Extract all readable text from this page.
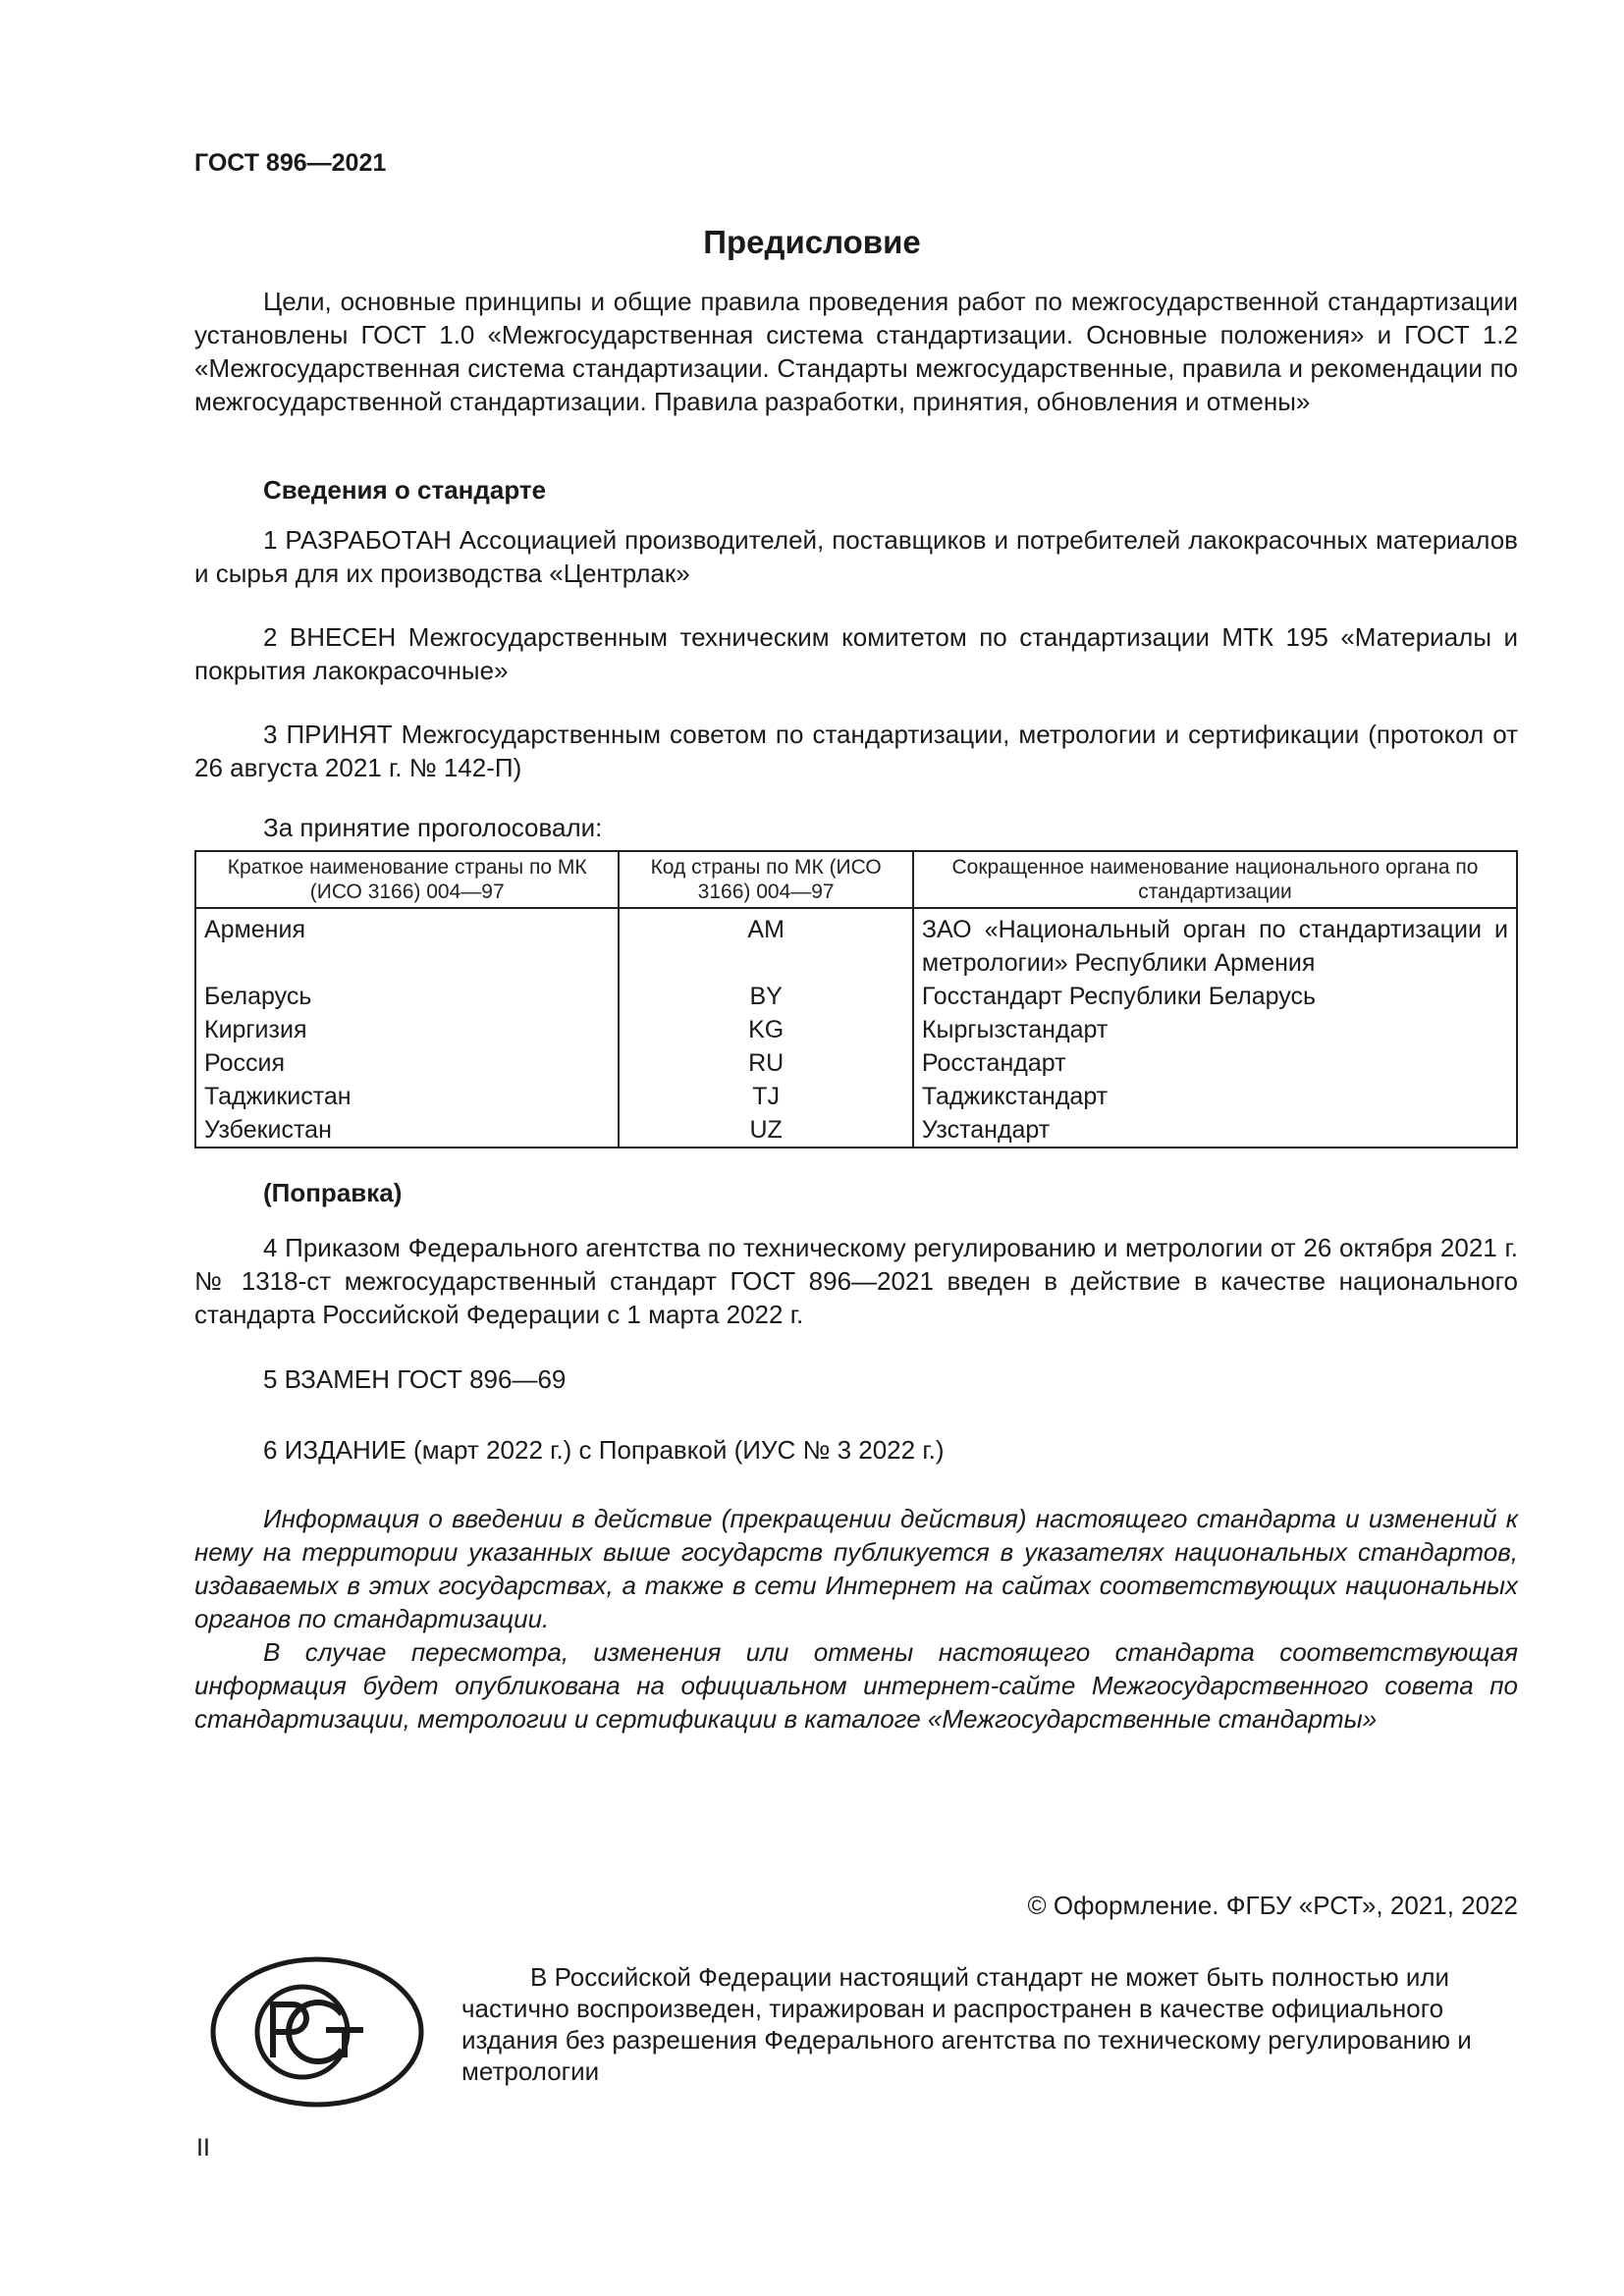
ГОСТ 896—2021
Предисловие

Цели, основные принципы и общие правила проведения работ по межгосударственной стандартизации установлены ГОСТ 1.0 «Межгосударственная система стандартизации. Основные положения» и ГОСТ 1.2 «Межгосударственная система стандартизации. Стандарты межгосударственные, правила и рекомендации по межгосударственной стандартизации. Правила разработки, принятия, обновления и отмены»

Сведения о стандарте

1 РАЗРАБОТАН Ассоциацией производителей, поставщиков и потребителей лакокрасочных материалов и сырья для их производства «Центрлак»

2 ВНЕСЕН Межгосударственным техническим комитетом по стандартизации МТК 195 «Материалы и покрытия лакокрасочные»

3 ПРИНЯТ Межгосударственным советом по стандартизации, метрологии и сертификации (протокол от 26 августа 2021 г. № 142-П)

За принятие проголосовали:
Краткое наименование страны по МК (ИСО 3166) 004—97	Код страны по МК (ИСО 3166) 004—97	Сокращенное наименование национального органа по стандартизации
Армения	AM	ЗАО «Национальный орган по стандартизации и метрологии» Республики Армения
Беларусь	BY	Госстандарт Республики Беларусь
Киргизия	KG	Кыргызстандарт
Россия	RU	Росстандарт
Таджикистан	TJ	Таджикстандарт
Узбекистан	UZ	Узстандарт
(Поправка)

4 Приказом Федерального агентства по техническому регулированию и метрологии от 26 октября 2021 г. № 1318-ст межгосударственный стандарт ГОСТ 896—2021 введен в действие в качестве национального стандарта Российской Федерации с 1 марта 2022 г.

5 ВЗАМЕН ГОСТ 896—69

6 ИЗДАНИЕ (март 2022 г.) с Поправкой (ИУС № 3 2022 г.)

Информация о введении в действие (прекращении действия) настоящего стандарта и изменений к нему на территории указанных выше государств публикуется в указателях национальных стандартов, издаваемых в этих государствах, а также в сети Интернет на сайтах соответствующих национальных органов по стандартизации.

В случае пересмотра, изменения или отмены настоящего стандарта соответствующая информация будет опубликована на официальном интернет-сайте Межгосударственного совета по стандартизации, метрологии и сертификации в каталоге «Межгосударственные стандарты»

© Оформление. ФГБУ «РСТ», 2021, 2022

В Российской Федерации настоящий стандарт не может быть полностью или частично воспроизведен, тиражирован и распространен в качестве официального издания без разрешения Федерального агентства по техническому регулированию и метрологии

II
